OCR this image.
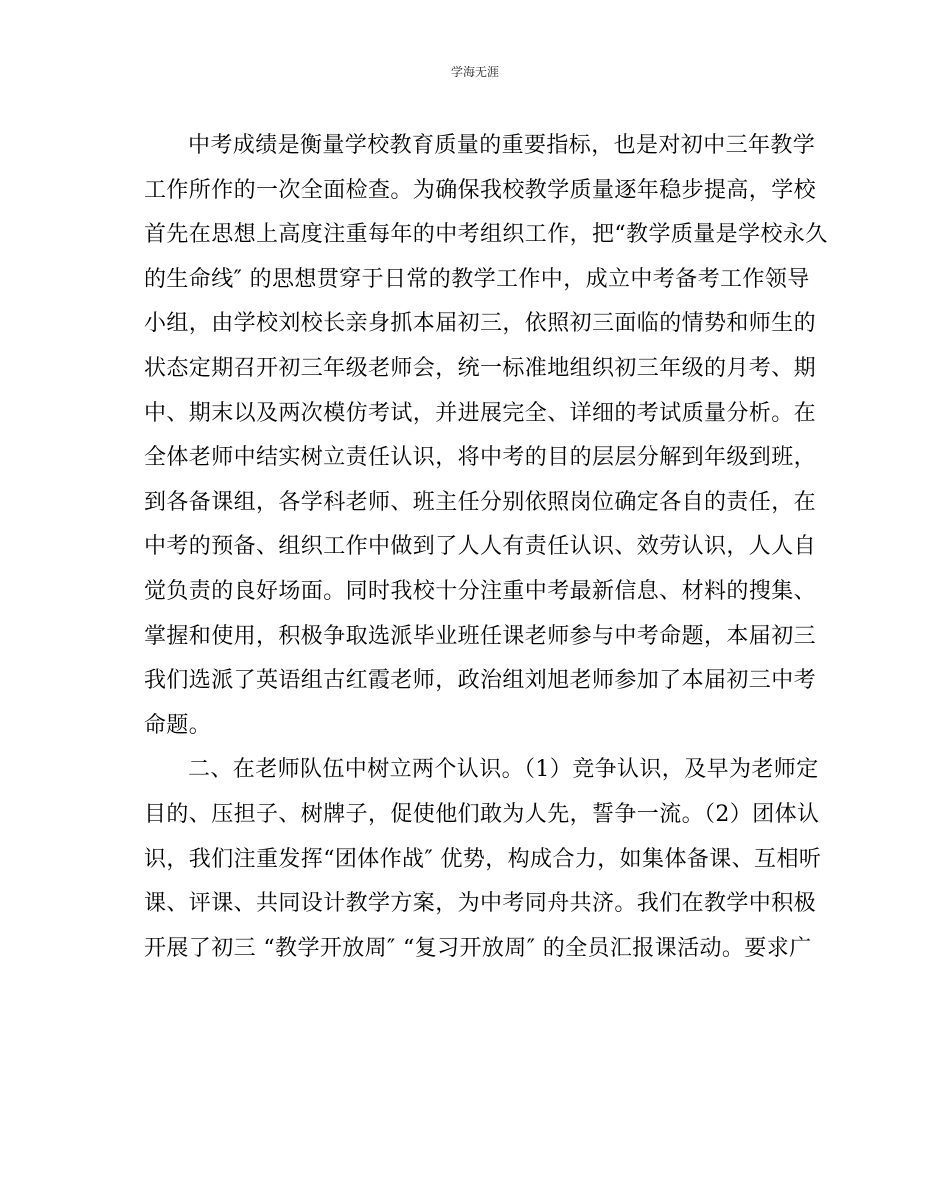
学海无涯
中考成绩是衡量学校教育质量的重要指标，也是对初中三年教学
工作所作的一次全面检查。为确保我校教学质量逐年稳步提高，学校
首先在思想上高度注重每年的中考组织工作，把“教学质量是学校永久
的生命线″ 的思想贯穿于日常的教学工作中，成立中考备考工作领导
小组，由学校刘校长亲身抓本届初三，依照初三面临的情势和师生的
状态定期召开初三年级老师会，统一标准地组织初三年级的月考、期
中、期末以及两次模仿考试，并进展完全、详细的考试质量分析。在
全体老师中结实树立责任认识，将中考的目的层层分解到年级到班，
到各备课组，各学科老师、班主任分别依照岗位确定各自的责任，在
中考的预备、组织工作中做到了人人有责任认识、效劳认识，人人自
觉负责的良好场面。同时我校十分注重中考最新信息、材料的搜集、
掌握和使用，积极争取选派毕业班任课老师参与中考命题，本届初三
我们选派了英语组古红霞老师，政治组刘旭老师参加了本届初三中考
命题。
二、在老师队伍中树立两个认识。（1）竞争认识，及早为老师定
目的、压担子、树牌子，促使他们敢为人先，誓争一流。（2）团体认
识，我们注重发挥“团体作战″ 优势，构成合力，如集体备课、互相听
课、评课、共同设计教学方案，为中考同舟共济。我们在教学中积极
开展了初三 “教学开放周″ “复习开放周″ 的全员汇报课活动。要求广
